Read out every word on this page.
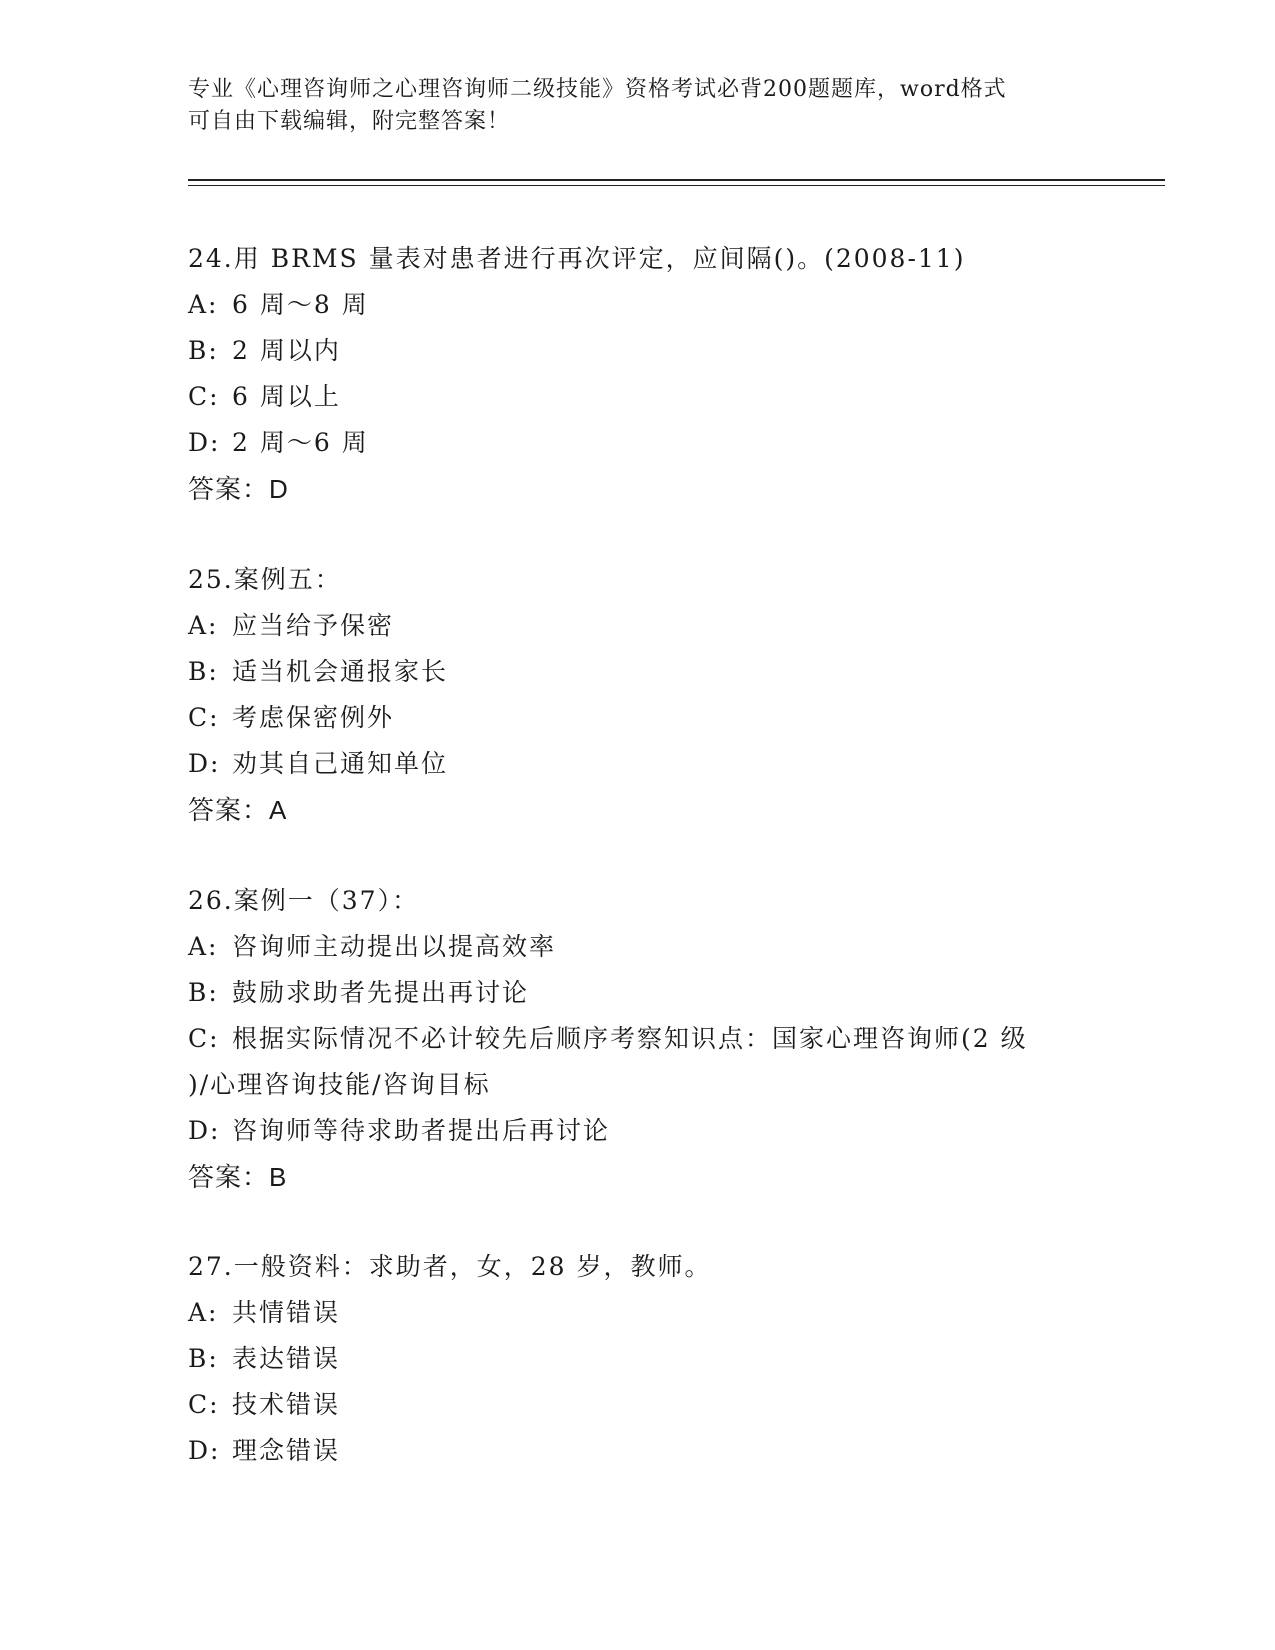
专业《心理咨询师之心理咨询师二级技能》资格考试必背200题题库，word格式
可自由下载编辑，附完整答案！
24.用 BRMS 量表对患者进行再次评定，应间隔()。(2008-11)
A: 6 周～8 周
B: 2 周以内
C: 6 周以上
D: 2 周～6 周
答案：D
25.案例五：
A: 应当给予保密
B: 适当机会通报家长
C: 考虑保密例外
D: 劝其自己通知单位
答案：A
26.案例一（37）：
A: 咨询师主动提出以提高效率
B: 鼓励求助者先提出再讨论
C: 根据实际情况不必计较先后顺序考察知识点：国家心理咨询师(2 级
)/心理咨询技能/咨询目标
D: 咨询师等待求助者提出后再讨论
答案：B
27.一般资料：求助者，女，28 岁，教师。
A: 共情错误
B: 表达错误
C: 技术错误
D: 理念错误
